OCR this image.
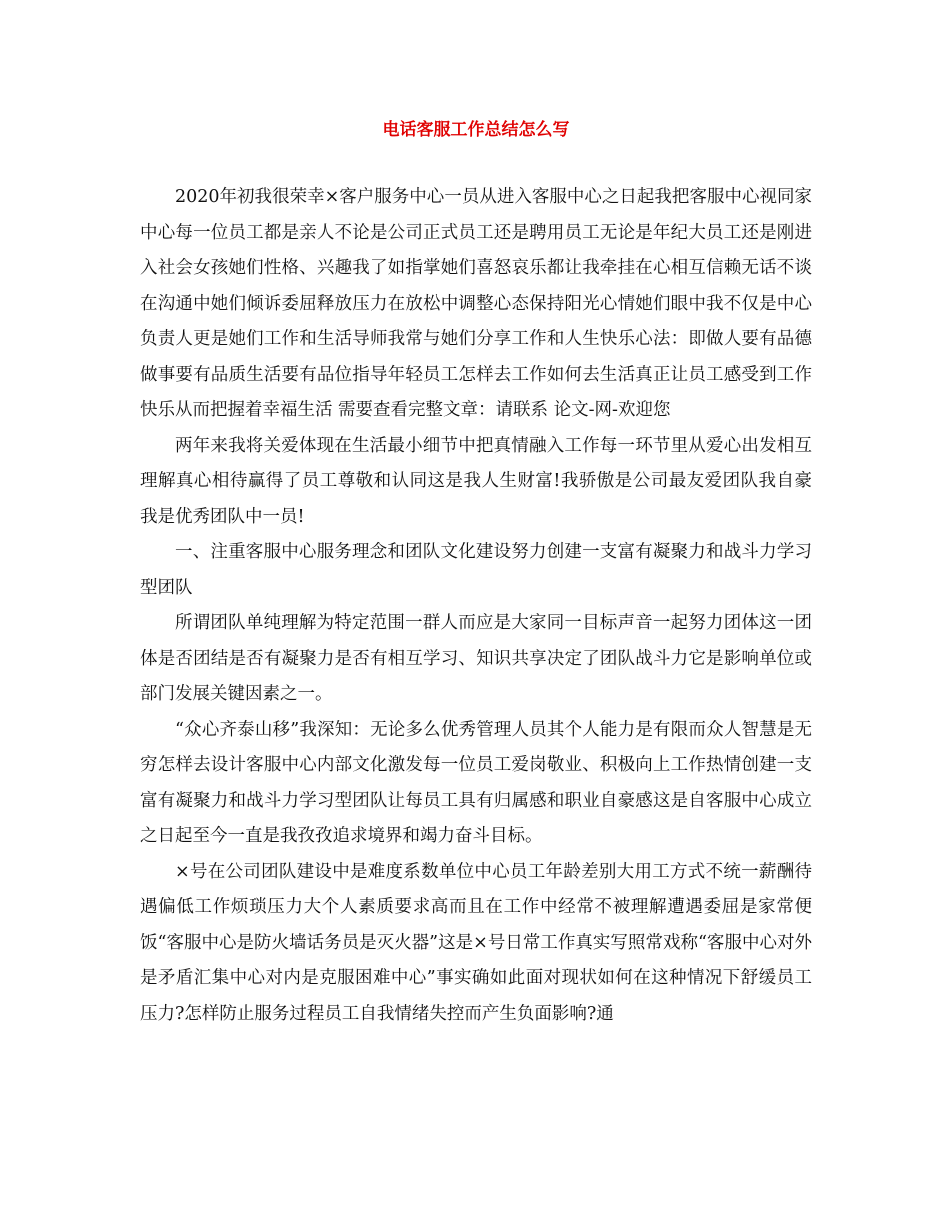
电话客服工作总结怎么写

2020年初我很荣幸×客户服务中心一员从进入客服中心之日起我把客服中心视同家中心每一位员工都是亲人不论是公司正式员工还是聘用员工无论是年纪大员工还是刚进入社会女孩她们性格、兴趣我了如指掌她们喜怒哀乐都让我牵挂在心相互信赖无话不谈在沟通中她们倾诉委屈释放压力在放松中调整心态保持阳光心情她们眼中我不仅是中心负责人更是她们工作和生活导师我常与她们分享工作和人生快乐心法：即做人要有品德做事要有品质生活要有品位指导年轻员工怎样去工作如何去生活真正让员工感受到工作快乐从而把握着幸福生活 需要查看完整文章：请联系 论文-网-欢迎您

两年来我将关爱体现在生活最小细节中把真情融入工作每一环节里从爱心出发相互理解真心相待赢得了员工尊敬和认同这是我人生财富!我骄傲是公司最友爱团队我自豪我是优秀团队中一员!

一、注重客服中心服务理念和团队文化建设努力创建一支富有凝聚力和战斗力学习型团队

所谓团队单纯理解为特定范围一群人而应是大家同一目标声音一起努力团体这一团体是否团结是否有凝聚力是否有相互学习、知识共享决定了团队战斗力它是影响单位或部门发展关键因素之一。

“众心齐泰山移”我深知：无论多么优秀管理人员其个人能力是有限而众人智慧是无穷怎样去设计客服中心内部文化激发每一位员工爱岗敬业、积极向上工作热情创建一支富有凝聚力和战斗力学习型团队让每员工具有归属感和职业自豪感这是自客服中心成立之日起至今一直是我孜孜追求境界和竭力奋斗目标。

×号在公司团队建设中是难度系数单位中心员工年龄差别大用工方式不统一薪酬待遇偏低工作烦琐压力大个人素质要求高而且在工作中经常不被理解遭遇委屈是家常便饭“客服中心是防火墙话务员是灭火器”这是×号日常工作真实写照常戏称“客服中心对外是矛盾汇集中心对内是克服困难中心”事实确如此面对现状如何在这种情况下舒缓员工压力?怎样防止服务过程员工自我情绪失控而产生负面影响?通
